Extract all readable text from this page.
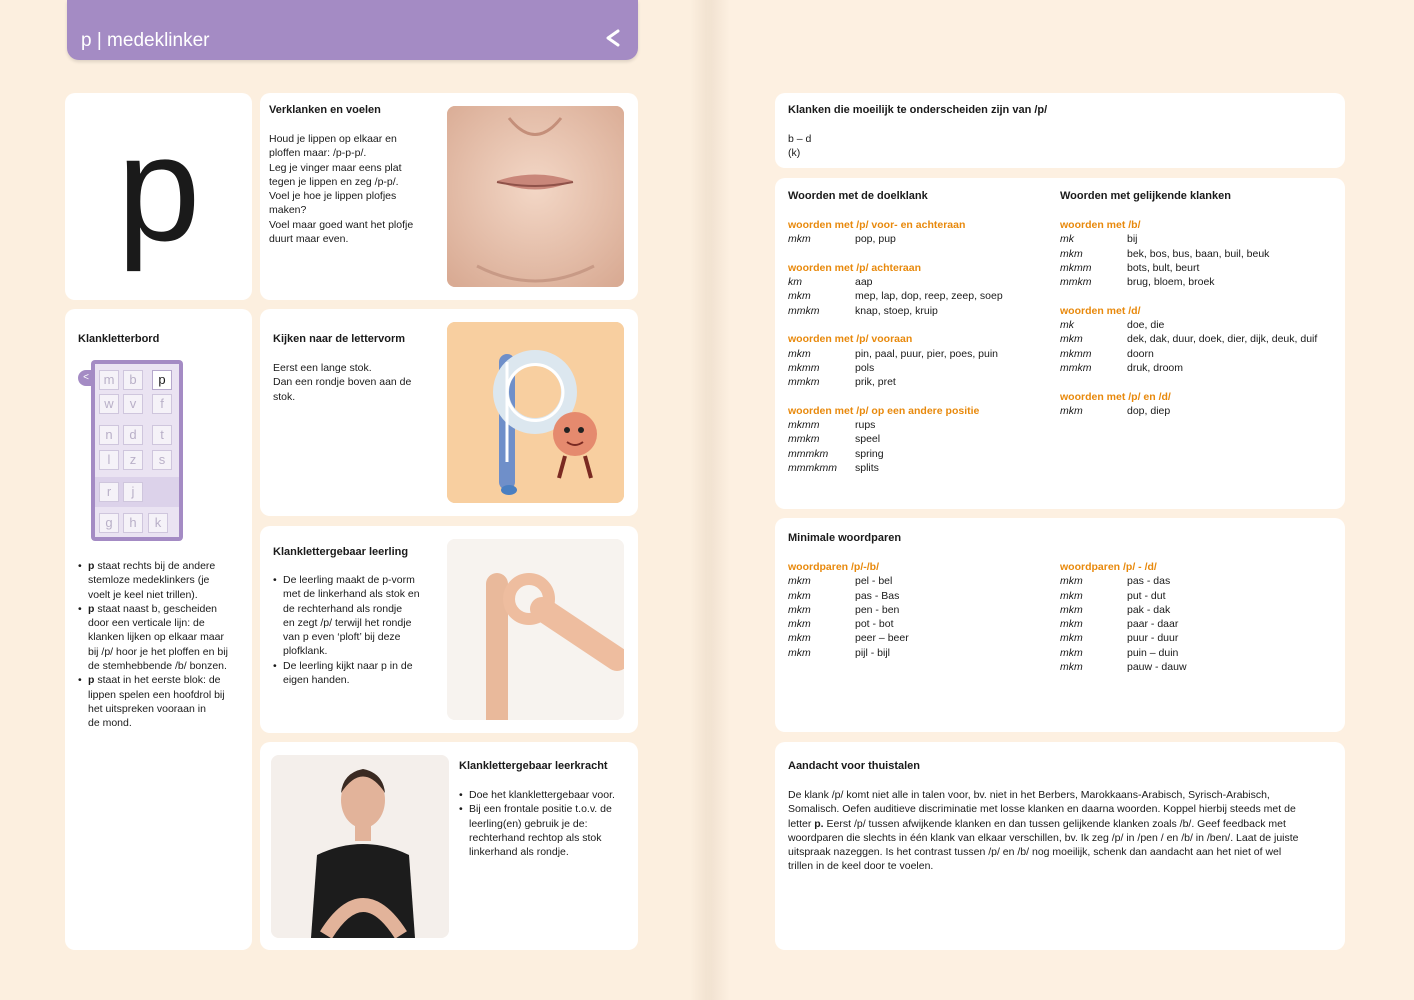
p | medeklinker
p	Verklanken en voelen
Houd je lippen op elkaar en
ploffen maar: /p-p-p/.
Leg je vinger maar eens plat
tegen je lippen en zeg /p-p/.
Voel je hoe je lippen plofjes
maken?
Voel maar goed want het plofje
duurt maar even.
Klankletterbord
<	m	b	p
w	v	f
n	d	t
l	z	s
r	j
g	h	k
• p staat rechts bij de andere
stemloze medeklinkers (je
voelt je keel niet trillen).
• p staat naast b, gescheiden
door een verticale lijn: de
klanken lijken op elkaar maar
bij /p/ hoor je het ploffen en bij
de stemhebbende /b/ bonzen.
• p staat in het eerste blok: de
lippen spelen een hoofdrol bij
het uitspreken vooraan in
de mond.
Kijken naar de lettervorm
Eerst een lange stok.
Dan een rondje boven aan de
stok.
Klanklettergebaar leerling
• De leerling maakt de p-vorm
met de linkerhand als stok en
de rechterhand als rondje
en zegt /p/ terwijl het rondje
van p even ‘ploft’ bij deze
plofklank.
• De leerling kijkt naar p in de
eigen handen.
Klanklettergebaar leerkracht
• Doe het klanklettergebaar voor.
• Bij een frontale positie t.o.v. de
leerling(en) gebruik je de:
rechterhand rechtop als stok
linkerhand als rondje.
Klanken die moeilijk te onderscheiden zijn van /p/
b – d
(k)
Woorden met de doelklank	Woorden met gelijkende klanken
woorden met /p/ voor- en achteraan
mkm	pop, pup
woorden met /p/ achteraan
km	aap
mkm	mep, lap, dop, reep, zeep, soep
mmkm	knap, stoep, kruip
woorden met /p/ vooraan
mkm	pin, paal, puur, pier, poes, puin
mkmm	pols
mmkm	prik, pret
woorden met /p/ op een andere positie
mkmm	rups
mmkm	speel
mmmkm	spring
mmmkmm	splits
woorden met /b/
mk	bij
mkm	bek, bos, bus, baan, buil, beuk
mkmm	bots, bult, beurt
mmkm	brug, bloem, broek
woorden met /d/
mk	doe, die
mkm	dek, dak, duur, doek, dier, dijk, deuk, duif
mkmm	doorn
mmkm	druk, droom
woorden met /p/ en /d/
mkm	dop, diep
Minimale woordparen
woordparen /p/-/b/
mkm	pel - bel
mkm	pas - Bas
mkm	pen - ben
mkm	pot - bot
mkm	peer – beer
mkm	pijl - bijl
woordparen /p/ - /d/
mkm	pas - das
mkm	put - dut
mkm	pak - dak
mkm	paar - daar
mkm	puur - duur
mkm	puin – duin
mkm	pauw - dauw
Aandacht voor thuistalen
De klank /p/ komt niet alle in talen voor, bv. niet in het Berbers, Marokkaans-Arabisch, Syrisch-Arabisch,
Somalisch. Oefen auditieve discriminatie met losse klanken en daarna woorden. Koppel hierbij steeds met de
letter p. Eerst /p/ tussen afwijkende klanken en dan tussen gelijkende klanken zoals /b/. Geef feedback met
woordparen die slechts in één klank van elkaar verschillen, bv. Ik zeg /p/ in /pen / en /b/ in /ben/. Laat de juiste
uitspraak nazeggen. Is het contrast tussen /p/ en /b/ nog moeilijk, schenk dan aandacht aan het niet of wel
trillen in de keel door te voelen.
